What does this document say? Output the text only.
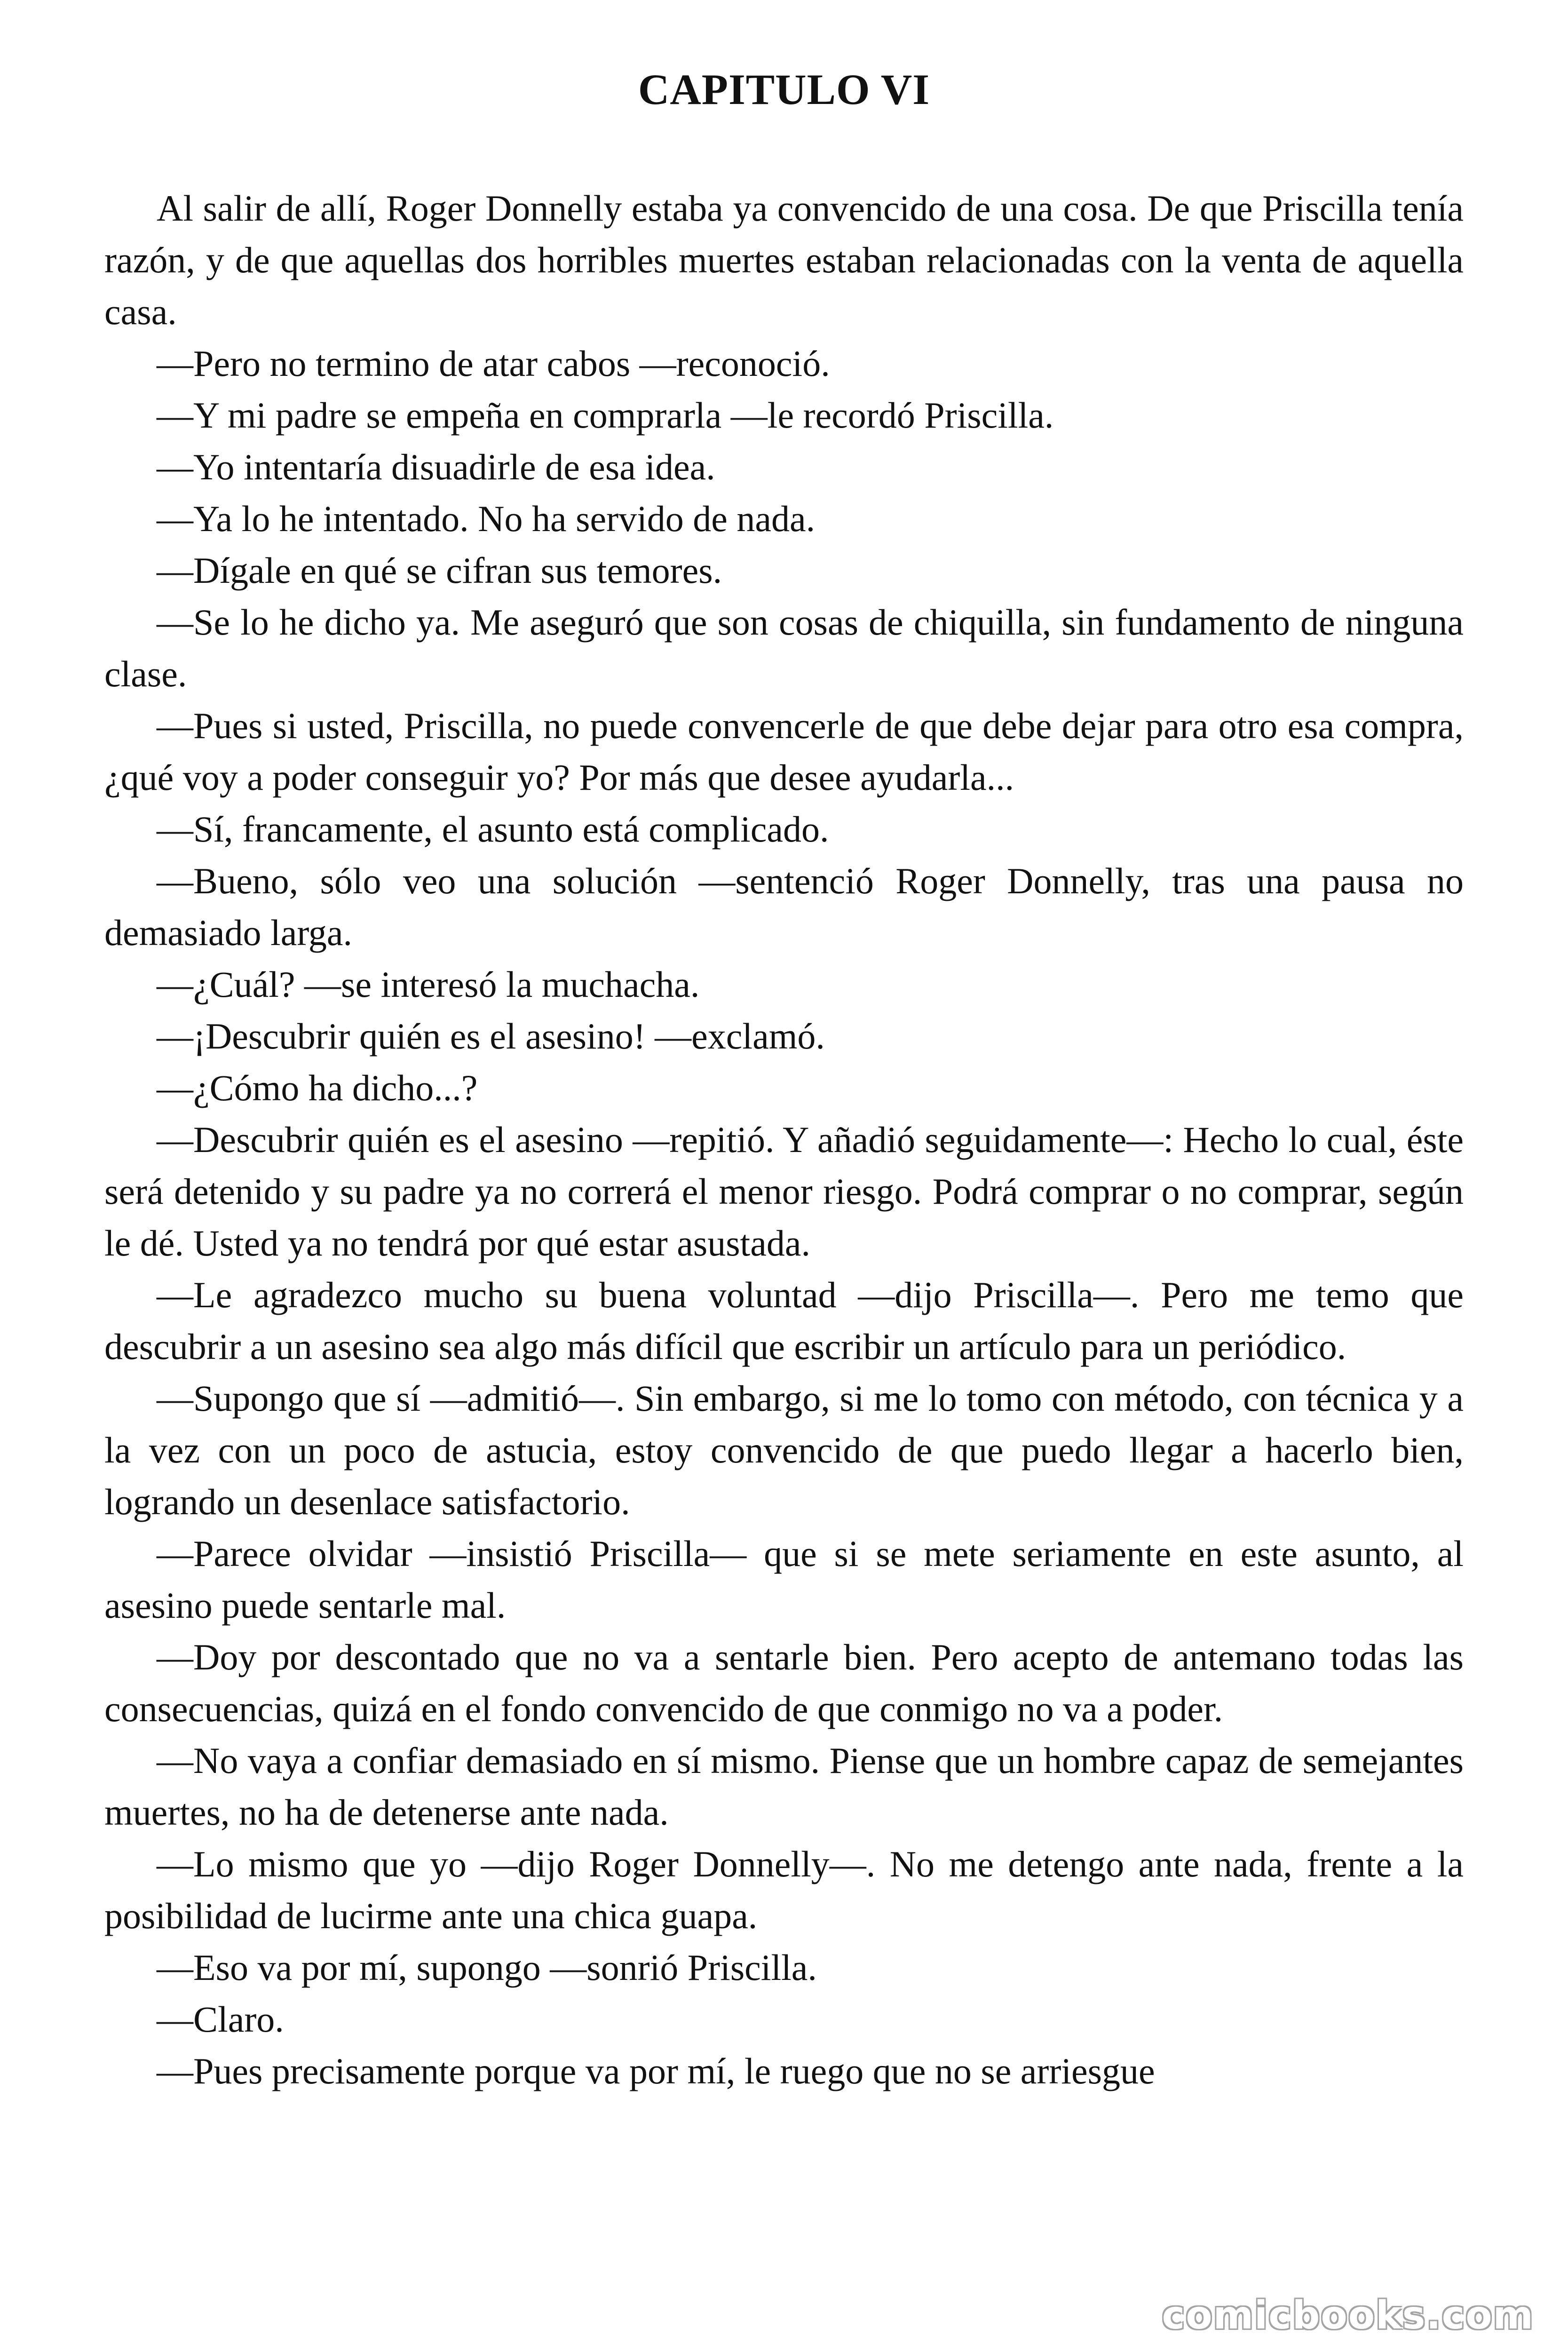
CAPITULO VI

Al salir de allí, Roger Donnelly estaba ya convencido de una cosa. De que Priscilla tenía razón, y de que aquellas dos horribles muertes estaban relacionadas con la venta de aquella casa.

—Pero no termino de atar cabos —reconoció.

—Y mi padre se empeña en comprarla —le recordó Priscilla.

—Yo intentaría disuadirle de esa idea.

—Ya lo he intentado. No ha servido de nada.

—Dígale en qué se cifran sus temores.

—Se lo he dicho ya. Me aseguró que son cosas de chiquilla, sin fundamento de ninguna clase.

—Pues si usted, Priscilla, no puede convencerle de que debe dejar para otro esa compra, ¿qué voy a poder conseguir yo? Por más que desee ayudarla...

—Sí, francamente, el asunto está complicado.

—Bueno, sólo veo una solución —sentenció Roger Donnelly, tras una pausa no demasiado larga.

—¿Cuál? —se interesó la muchacha.

—¡Descubrir quién es el asesino! —exclamó.

—¿Cómo ha dicho...?

—Descubrir quién es el asesino —repitió. Y añadió seguidamente—: Hecho lo cual, éste será detenido y su padre ya no correrá el menor riesgo. Podrá comprar o no comprar, según le dé. Usted ya no tendrá por qué estar asustada.

—Le agradezco mucho su buena voluntad —dijo Priscilla—. Pero me temo que descubrir a un asesino sea algo más difícil que escribir un artículo para un periódico.

—Supongo que sí —admitió—. Sin embargo, si me lo tomo con método, con técnica y a la vez con un poco de astucia, estoy convencido de que puedo llegar a hacerlo bien, logrando un desenlace satisfactorio.

—Parece olvidar —insistió Priscilla— que si se mete seriamente en este asunto, al asesino puede sentarle mal.

—Doy por descontado que no va a sentarle bien. Pero acepto de antemano todas las consecuencias, quizá en el fondo convencido de que conmigo no va a poder.

—No vaya a confiar demasiado en sí mismo. Piense que un hombre capaz de semejantes muertes, no ha de detenerse ante nada.

—Lo mismo que yo —dijo Roger Donnelly—. No me detengo ante nada, frente a la posibilidad de lucirme ante una chica guapa.

—Eso va por mí, supongo —sonrió Priscilla.

—Claro.

—Pues precisamente porque va por mí, le ruego que no se arriesgue

comicbooks.com
